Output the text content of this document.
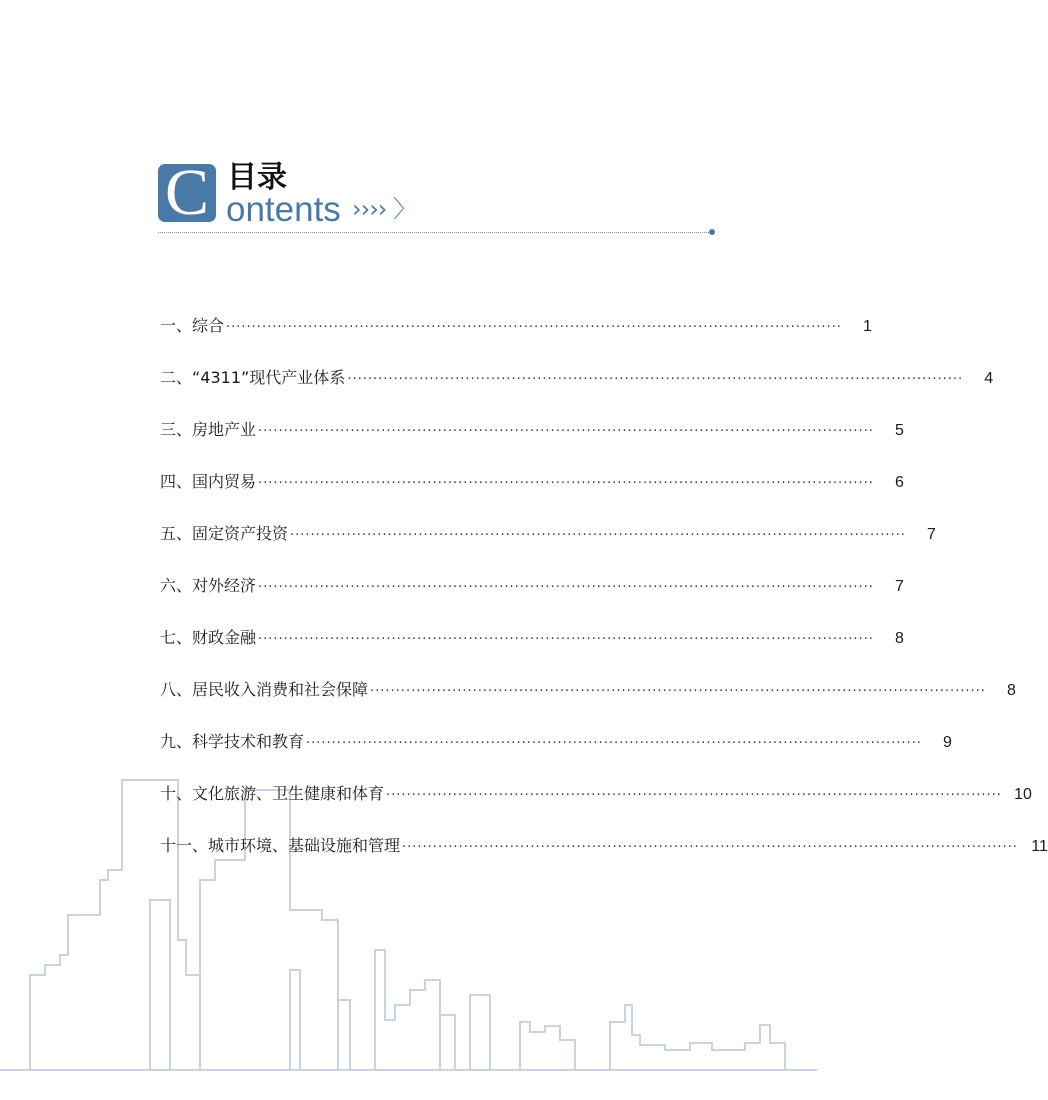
C 目录
ontents ›››› 〉
一、综合 ························································································································	1
二、“4311”现代产业体系 ························································································································	4
三、房地产业 ························································································································	5
四、国内贸易 ························································································································	6
五、固定资产投资 ························································································································	7
六、对外经济 ························································································································	7
七、财政金融 ························································································································	8
八、居民收入消费和社会保障 ························································································································	8
九、科学技术和教育 ························································································································	9
十、文化旅游、卫生健康和体育 ························································································································ 10
十一、城市环境、基础设施和管理 ························································································································ 11
